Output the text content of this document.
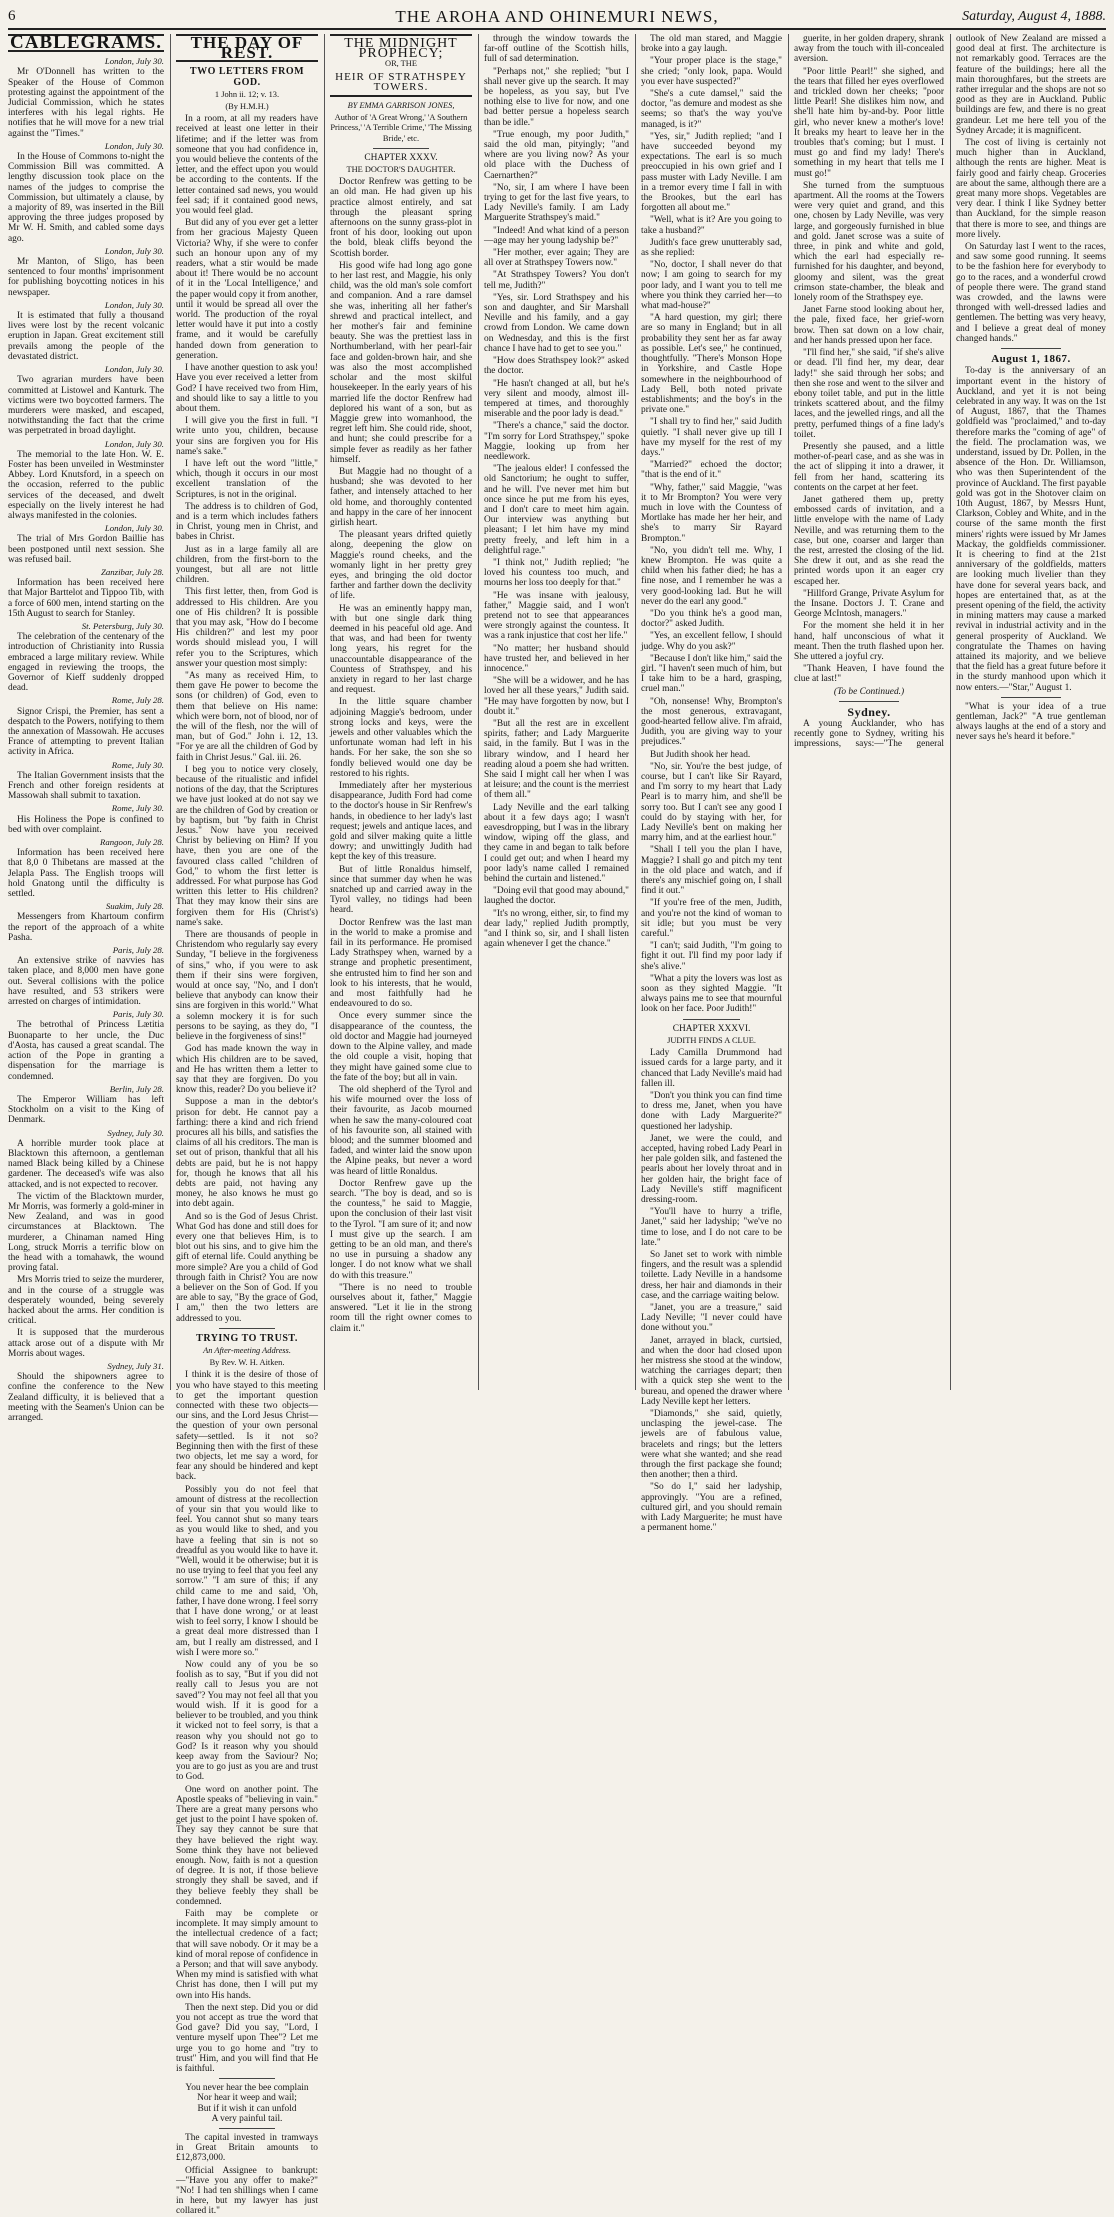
6	THE AROHA AND OHINEMURI NEWS,	Saturday, August 4, 1888.
CABLEGRAMS.

London, July 30.

Mr O'Donnell has written to the Speaker of the House of Common protesting against the appointment of the Judicial Commission, which he states interferes with his legal rights. He notifies that he will move for a new trial against the "Times."

London, July 30.

In the House of Commons to-night the Commission Bill was committed. A lengthy discussion took place on the names of the judges to comprise the Commission, but ultimately a clause, by a majority of 89, was inserted in the Bill approving the three judges proposed by Mr W. H. Smith, and cabled some days ago.

London, July 30.

Mr Manton, of Sligo, has been sentenced to four months' imprisonment for publishing boycotting notices in his newspaper.

London, July 30.

It is estimated that fully a thousand lives were lost by the recent volcanic eruption in Japan. Great excitement still prevails among the people of the devastated district.

London, July 30.

Two agrarian murders have been committed at Listowel and Kanturk. The victims were two boycotted farmers. The murderers were masked, and escaped, notwithstanding the fact that the crime was perpetrated in broad daylight.

London, July 30.

The memorial to the late Hon. W. E. Foster has been unveiled in Westminster Abbey. Lord Knutsford, in a speech on the occasion, referred to the public services of the deceased, and dwelt especially on the lively interest he had always manifested in the colonies.

London, July 30.

The trial of Mrs Gordon Baillie has been postponed until next session. She was refused bail.

Zanzibar, July 28.

Information has been received here that Major Barttelot and Tippoo Tib, with a force of 600 men, intend starting on the 15th August to search for Stanley.

St. Petersburg, July 30.

The celebration of the centenary of the introduction of Christianity into Russia embraced a large military review. While engaged in reviewing the troops, the Governor of Kieff suddenly dropped dead.

Rome, July 28.

Signor Crispi, the Premier, has sent a despatch to the Powers, notifying to them the annexation of Massowah. He accuses France of attempting to prevent Italian activity in Africa.

Rome, July 30.

The Italian Government insists that the French and other foreign residents at Massowah shall submit to taxation.

Rome, July 30.

His Holiness the Pope is confined to bed with over complaint.

Rangoon, July 28.

Information has been received here that 8,0 0 Thibetans are massed at the Jelapla Pass. The English troops will hold Gnatong until the difficulty is settled.

Suakim, July 28.

Messengers from Khartoum confirm the report of the approach of a white Pasha.

Paris, July 28.

An extensive strike of navvies has taken place, and 8,000 men have gone out. Several collisions with the police have resulted, and 53 strikers were arrested on charges of intimidation.

Paris, July 30.

The betrothal of Princess Lætitia Buonaparte to her uncle, the Duc d'Aosta, has caused a great scandal. The action of the Pope in granting a dispensation for the marriage is condemned.

Berlin, July 28.

The Emperor William has left Stockholm on a visit to the King of Denmark.

Sydney, July 30.

A horrible murder took place at Blacktown this afternoon, a gentleman named Black being killed by a Chinese gardener. The deceased's wife was also attacked, and is not expected to recover.

The victim of the Blacktown murder, Mr Morris, was formerly a gold-miner in New Zealand, and was in good circumstances at Blacktown. The murderer, a Chinaman named Hing Long, struck Morris a terrific blow on the head with a tomahawk, the wound proving fatal.

Mrs Morris tried to seize the murderer, and in the course of a struggle was desperately wounded, being severely hacked about the arms. Her condition is critical.

It is supposed that the murderous attack arose out of a dispute with Mr Morris about wages.

Sydney, July 31.

Should the shipowners agree to confine the conference to the New Zealand difficulty, it is believed that a meeting with the Seamen's Union can be arranged.

THE DAY OF REST.
TWO LETTERS FROM GOD.

1 John ii. 12; v. 13.

(By H.M.H.)

In a room, at all my readers have received at least one letter in their lifetime; and if the letter was from someone that you had confidence in, you would believe the contents of the letter, and the effect upon you would be according to the contents. If the letter contained sad news, you would feel sad; if it contained good news, you would feel glad.

But did any of you ever get a letter from her gracious Majesty Queen Victoria? Why, if she were to confer such an honour upon any of my readers, what a stir would be made about it! There would be no account of it in the 'Local Intelligence,' and the paper would copy it from another, until it would be spread all over the world. The production of the royal letter would have it put into a costly frame, and it would be carefully handed down from generation to generation.

I have another question to ask you! Have you ever received a letter from God? I have received two from Him, and should like to say a little to you about them.

I will give you the first in full. "I write unto you, children, because your sins are forgiven you for His name's sake."

I have left out the word "little," which, though it occurs in our most excellent translation of the Scriptures, is not in the original.

The address is to children of God, and is a term which includes fathers in Christ, young men in Christ, and babes in Christ.

Just as in a large family all are children, from the first-born to the youngest, but all are not little children.

This first letter, then, from God is addressed to His children. Are you one of His children? It is possible that you may ask, "How do I become His children?" and lest my poor words should mislead you, I will refer you to the Scriptures, which answer your question most simply:

"As many as received Him, to them gave He power to become the sons (or children) of God, even to them that believe on His name: which were born, not of blood, nor of the will of the flesh, nor the will of man, but of God." John i. 12, 13. "For ye are all the children of God by faith in Christ Jesus." Gal. iii. 26.

I beg you to notice very closely, because of the ritualistic and infidel notions of the day, that the Scriptures we have just looked at do not say we are the children of God by creation or by baptism, but "by faith in Christ Jesus." Now have you received Christ by believing on Him? If you have, then you are one of the favoured class called "children of God," to whom the first letter is addressed. For what purpose has God written this letter to His children? That they may know their sins are forgiven them for His (Christ's) name's sake.

There are thousands of people in Christendom who regularly say every Sunday, "I believe in the forgiveness of sins," who, if you were to ask them if their sins were forgiven, would at once say, "No, and I don't believe that anybody can know their sins are forgiven in this world." What a solemn mockery it is for such persons to be saying, as they do, "I believe in the forgiveness of sins!"

God has made known the way in which His children are to be saved, and He has written them a letter to say that they are forgiven. Do you know this, reader? Do you believe it?

Suppose a man in the debtor's prison for debt. He cannot pay a farthing: there a kind and rich friend procures all his bills, and satisfies the claims of all his creditors. The man is set out of prison, thankful that all his debts are paid, but he is not happy for, though he knows that all his debts are paid, not having any money, he also knows he must go into debt again.

And so is the God of Jesus Christ. What God has done and still does for every one that believes Him, is to blot out his sins, and to give him the gift of eternal life. Could anything be more simple? Are you a child of God through faith in Christ? You are now a believer on the Son of God. If you are able to say, "By the grace of God, I am," then the two letters are addressed to you.

TRYING TO TRUST.

An After-meeting Address.

By Rev. W. H. Aitken.

I think it is the desire of those of you who have stayed to this meeting to get the important question connected with these two objects—our sins, and the Lord Jesus Christ—the question of your own personal safety—settled. Is it not so? Beginning then with the first of these two objects, let me say a word, for fear any should be hindered and kept back.

Possibly you do not feel that amount of distress at the recollection of your sin that you would like to feel. You cannot shut so many tears as you would like to shed, and you have a feeling that sin is not so dreadful as you would like to have it. "Well, would it be otherwise; but it is no use trying to feel that you feel any sorrow." "I am sure of this; if any child came to me and said, 'Oh, father, I have done wrong. I feel sorry that I have done wrong,' or at least wish to feel sorry, I know I should be a great deal more distressed than I am, but I really am distressed, and I wish I were more so."

Now could any of you be so foolish as to say, "But if you did not really call to Jesus you are not saved"? You may not feel all that you would wish. If it is good for a believer to be troubled, and you think it wicked not to feel sorry, is that a reason why you should not go to God? Is it reason why you should keep away from the Saviour? No; you are to go just as you are and trust to God.

One word on another point. The Apostle speaks of "believing in vain." There are a great many persons who get just to the point I have spoken of. They say they cannot be sure that they have believed the right way. Some think they have not believed enough. Now, faith is not a question of degree. It is not, if those believe strongly they shall be saved, and if they believe feebly they shall be condemned.

Faith may be complete or incomplete. It may simply amount to the intellectual credence of a fact; that will save nobody. Or it may be a kind of moral repose of confidence in a Person; and that will save anybody. When my mind is satisfied with what Christ has done, then I will put my own into His hands.

Then the next step. Did you or did you not accept as true the word that God gave? Did you say, "Lord, I venture myself upon Thee"? Let me urge you to go home and "try to trust" Him, and you will find that He is faithful.

You never hear the bee complain

Nor hear it weep and wail;

But if it wish it can unfold

A very painful tail.

The capital invested in tramways in Great Britain amounts to £12,873,000.

Official Assignee to bankrupt:—"Have you any offer to make?" "No! I had ten shillings when I came in here, but my lawyer has just collared it."

THE MIDNIGHT PROPHECY;

OR, THE

HEIR OF STRATHSPEY TOWERS.

BY EMMA GARRISON JONES,

Author of 'A Great Wrong,' 'A Southern Princess,' 'A Terrible Crime,' 'The Missing Bride,' etc.

CHAPTER XXXV.

THE DOCTOR'S DAUGHTER.

Doctor Renfrew was getting to be an old man. He had given up his practice almost entirely, and sat through the pleasant spring afternoons on the sunny grass-plot in front of his door, looking out upon the bold, bleak cliffs beyond the Scottish border.

His good wife had long ago gone to her last rest, and Maggie, his only child, was the old man's sole comfort and companion. And a rare damsel she was, inheriting all her father's shrewd and practical intellect, and her mother's fair and feminine beauty. She was the prettiest lass in Northumberland, with her pearl-fair face and golden-brown hair, and she was also the most accomplished scholar and the most skilful housekeeper. In the early years of his married life the doctor Renfrew had deplored his want of a son, but as Maggie grew into womanhood, the regret left him. She could ride, shoot, and hunt; she could prescribe for a simple fever as readily as her father himself.

But Maggie had no thought of a husband; she was devoted to her father, and intensely attached to her old home, and thoroughly contented and happy in the care of her innocent girlish heart.

The pleasant years drifted quietly along, deepening the glow on Maggie's round cheeks, and the womanly light in her pretty grey eyes, and bringing the old doctor farther and farther down the declivity of life.

He was an eminently happy man, with but one single dark thing deemed in his peaceful old age. And that was, and had been for twenty long years, his regret for the unaccountable disappearance of the Countess of Strathspey, and his anxiety in regard to her last charge and request.

In the little square chamber adjoining Maggie's bedroom, under strong locks and keys, were the jewels and other valuables which the unfortunate woman had left in his hands. For her sake, the son she so fondly believed would one day be restored to his rights.

Immediately after her mysterious disappearance, Judith Ford had come to the doctor's house in Sir Renfrew's hands, in obedience to her lady's last request; jewels and antique laces, and gold and silver making quite a little dowry; and unwittingly Judith had kept the key of this treasure.

But of little Ronaldus himself, since that summer day when he was snatched up and carried away in the Tyrol valley, no tidings had been heard.

Doctor Renfrew was the last man in the world to make a promise and fail in its performance. He promised Lady Strathspey when, warned by a strange and prophetic presentiment, she entrusted him to find her son and look to his interests, that he would, and most faithfully had he endeavoured to do so.

Once every summer since the disappearance of the countess, the old doctor and Maggie had journeyed down to the Alpine valley, and made the old couple a visit, hoping that they might have gained some clue to the fate of the boy; but all in vain.

The old shepherd of the Tyrol and his wife mourned over the loss of their favourite, as Jacob mourned when he saw the many-coloured coat of his favourite son, all stained with blood; and the summer bloomed and faded, and winter laid the snow upon the Alpine peaks, but never a word was heard of little Ronaldus.

Doctor Renfrew gave up the search. "The boy is dead, and so is the countess," he said to Maggie, upon the conclusion of their last visit to the Tyrol. "I am sure of it; and now I must give up the search. I am getting to be an old man, and there's no use in pursuing a shadow any longer. I do not know what we shall do with this treasure."

"There is no need to trouble ourselves about it, father," Maggie answered. "Let it lie in the strong room till the right owner comes to claim it."

through the window towards the far-off outline of the Scottish hills, full of sad determination.

"Perhaps not," she replied; "but I shall never give up the search. It may be hopeless, as you say, but I've nothing else to live for now, and one bad better persue a hopeless search than be idle."

"True enough, my poor Judith," said the old man, pityingly; "and where are you living now? As your old place with the Duchess of Caernarthen?"

"No, sir, I am where I have been trying to get for the last five years, to Lady Neville's family. I am Lady Marguerite Strathspey's maid."

"Indeed! And what kind of a person—age may her young ladyship be?"

"Her mother, ever again; They are all over at Strathspey Towers now."

"At Strathspey Towers? You don't tell me, Judith?"

"Yes, sir. Lord Strathspey and his son and daughter, and Sir Marshall Neville and his family, and a gay crowd from London. We came down on Wednesday, and this is the first chance I have had to get to see you."

"How does Strathspey look?" asked the doctor.

"He hasn't changed at all, but he's very silent and moody, almost ill-tempered at times, and thoroughly miserable and the poor lady is dead."

"There's a chance," said the doctor. "I'm sorry for Lord Strathspey," spoke Maggie, looking up from her needlework.

"The jealous elder! I confessed the old Sanctorium; he ought to suffer, and he will. I've never met him but once since he put me from his eyes, and I don't care to meet him again. Our interview was anything but pleasant; I let him have my mind pretty freely, and left him in a delightful rage."

"I think not," Judith replied; "he loved his countess too much, and mourns her loss too deeply for that."

"He was insane with jealousy, father," Maggie said, and I won't pretend not to see that appearances were strongly against the countess. It was a rank injustice that cost her life."

"No matter; her husband should have trusted her, and believed in her innocence."

"She will be a widower, and he has loved her all these years," Judith said. "He may have forgotten by now, but I doubt it."

"But all the rest are in excellent spirits, father; and Lady Marguerite said, in the family. But I was in the library window, and I heard her reading aloud a poem she had written. She said I might call her when I was at leisure; and the count is the merriest of them all."

Lady Neville and the earl talking about it a few days ago; I wasn't eavesdropping, but I was in the library window, wiping off the glass, and they came in and began to talk before I could get out; and when I heard my poor lady's name called I remained behind the curtain and listened."

"Doing evil that good may abound," laughed the doctor.

"It's no wrong, either, sir, to find my dear lady," replied Judith promptly, "and I think so, sir, and I shall listen again whenever I get the chance."

The old man stared, and Maggie broke into a gay laugh.

"Your proper place is the stage," she cried; "only look, papa. Would you ever have suspected?"

"She's a cute damsel," said the doctor, "as demure and modest as she seems; so that's the way you've managed, is it?"

"Yes, sir," Judith replied; "and I have succeeded beyond my expectations. The earl is so much preoccupied in his own grief and I pass muster with Lady Neville. I am in a tremor every time I fall in with the Brookes, but the earl has forgotten all about me."

"Well, what is it? Are you going to take a husband?"

Judith's face grew unutterably sad, as she replied:

"No, doctor, I shall never do that now; I am going to search for my poor lady, and I want you to tell me where you think they carried her—to what mad-house?"

"A hard question, my girl; there are so many in England; but in all probability they sent her as far away as possible. Let's see," he continued, thoughtfully. "There's Monson Hope in Yorkshire, and Castle Hope somewhere in the neighbourhood of Lady Bell, both noted private establishments; and the boy's in the private one."

"I shall try to find her," said Judith quietly. "I shall never give up till I have my myself for the rest of my days."

"Married?" echoed the doctor; "that is the end of it."

"Why, father," said Maggie, "was it to Mr Brompton? You were very much in love with the Countess of Mortlake has made her her heir, and she's to marry Sir Rayard Brompton."

"No, you didn't tell me. Why, I knew Brompton. He was quite a child when his father died; he has a fine nose, and I remember he was a very good-looking lad. But he will never do the earl any good."

"Do you think he's a good man, doctor?" asked Judith.

"Yes, an excellent fellow, I should judge. Why do you ask?"

"Because I don't like him," said the girl. "I haven't seen much of him, but I take him to be a hard, grasping, cruel man."

"Oh, nonsense! Why, Brompton's the most generous, extravagant, good-hearted fellow alive. I'm afraid, Judith, you are giving way to your prejudices."

But Judith shook her head.

"No, sir. You're the best judge, of course, but I can't like Sir Rayard, and I'm sorry to my heart that Lady Pearl is to marry him, and she'll be sorry too. But I can't see any good I could do by staying with her, for Lady Neville's bent on making her marry him, and at the earliest hour."

"Shall I tell you the plan I have, Maggie? I shall go and pitch my tent in the old place and watch, and if there's any mischief going on, I shall find it out."

"If you're free of the men, Judith, and you're not the kind of woman to sit idle; but you must be very careful."

"I can't; said Judith, "I'm going to fight it out. I'll find my poor lady if she's alive."

"What a pity the lovers was lost as soon as they sighted Maggie. "It always pains me to see that mournful look on her face. Poor Judith!"

CHAPTER XXXVI.

JUDITH FINDS A CLUE.

Lady Camilla Drummond had issued cards for a large party, and it chanced that Lady Neville's maid had fallen ill.

"Don't you think you can find time to dress me, Janet, when you have done with Lady Marguerite?" questioned her ladyship.

Janet, we were the could, and accepted, having robed Lady Pearl in her pale golden silk, and fastened the pearls about her lovely throat and in her golden hair, the bright face of Lady Neville's stiff magnificent dressing-room.

"You'll have to hurry a trifle, Janet," said her ladyship; "we've no time to lose, and I do not care to be late."

So Janet set to work with nimble fingers, and the result was a splendid toilette. Lady Neville in a handsome dress, her hair and diamonds in their case, and the carriage waiting below.

"Janet, you are a treasure," said Lady Neville; "I never could have done without you."

Janet, arrayed in black, curtsied, and when the door had closed upon her mistress she stood at the window, watching the carriages depart; then with a quick step she went to the bureau, and opened the drawer where Lady Neville kept her letters.

"Diamonds," she said, quietly, unclasping the jewel-case. The jewels are of fabulous value, bracelets and rings; but the letters were what she wanted; and she read through the first package she found; then another; then a third.

"So do I," said her ladyship, approvingly. "You are a refined, cultured girl, and you should remain with Lady Marguerite; he must have a permanent home."

guerite, in her golden drapery, shrank away from the touch with ill-concealed aversion.

"Poor little Pearl!" she sighed, and the tears that filled her eyes overflowed and trickled down her cheeks; "poor little Pearl! She dislikes him now, and she'll hate him by-and-by. Poor little girl, who never knew a mother's love! It breaks my heart to leave her in the troubles that's coming; but I must. I must go and find my lady! There's something in my heart that tells me I must go!"

She turned from the sumptuous apartment. All the rooms at the Towers were very quiet and grand, and this one, chosen by Lady Neville, was very large, and gorgeously furnished in blue and gold. Janet scrose was a suite of three, in pink and white and gold, which the earl had especially re-furnished for his daughter, and beyond, gloomy and silent, was the great crimson state-chamber, the bleak and lonely room of the Strathspey eye.

Janet Farne stood looking about her, the pale, fixed face, her grief-worn brow. Then sat down on a low chair, and her hands pressed upon her face.

"I'll find her," she said, "if she's alive or dead. I'll find her, my dear, dear lady!" she said through her sobs; and then she rose and went to the silver and ebony toilet table, and put in the little trinkets scattered about, and the filmy laces, and the jewelled rings, and all the pretty, perfumed things of a fine lady's toilet.

Presently she paused, and a little mother-of-pearl case, and as she was in the act of slipping it into a drawer, it fell from her hand, scattering its contents on the carpet at her feet.

Janet gathered them up, pretty embossed cards of invitation, and a little envelope with the name of Lady Neville, and was returning them to the case, but one, coarser and larger than the rest, arrested the closing of the lid. She drew it out, and as she read the printed words upon it an eager cry escaped her.

"Hillford Grange, Private Asylum for the Insane. Doctors J. T. Crane and George McIntosh, managers."

For the moment she held it in her hand, half unconscious of what it meant. Then the truth flashed upon her. She uttered a joyful cry.

"Thank Heaven, I have found the clue at last!"

(To be Continued.)

Sydney.

A young Aucklander, who has recently gone to Sydney, writing his impressions, says:—"The general outlook of New Zealand are missed a good deal at first. The architecture is not remarkably good. Terraces are the feature of the buildings; here all the main thoroughfares, but the streets are rather irregular and the shops are not so good as they are in Auckland. Public buildings are few, and there is no great grandeur. Let me here tell you of the Sydney Arcade; it is magnificent.

The cost of living is certainly not much higher than in Auckland, although the rents are higher. Meat is fairly good and fairly cheap. Groceries are about the same, although there are a great many more shops. Vegetables are very dear. I think I like Sydney better than Auckland, for the simple reason that there is more to see, and things are more lively.

On Saturday last I went to the races, and saw some good running. It seems to be the fashion here for everybody to go to the races, and a wonderful crowd of people there were. The grand stand was crowded, and the lawns were thronged with well-dressed ladies and gentlemen. The betting was very heavy, and I believe a great deal of money changed hands."

August 1, 1867.

To-day is the anniversary of an important event in the history of Auckland, and yet it is not being celebrated in any way. It was on the 1st of August, 1867, that the Thames goldfield was "proclaimed," and to-day therefore marks the "coming of age" of the field. The proclamation was, we understand, issued by Dr. Pollen, in the absence of the Hon. Dr. Williamson, who was then Superintendent of the province of Auckland. The first payable gold was got in the Shotover claim on 10th August, 1867, by Messrs Hunt, Clarkson, Cobley and White, and in the course of the same month the first miners' rights were issued by Mr James Mackay, the goldfields commissioner. It is cheering to find at the 21st anniversary of the goldfields, matters are looking much livelier than they have done for several years back, and hopes are entertained that, as at the present opening of the field, the activity in mining matters may cause a marked revival in industrial activity and in the general prosperity of Auckland. We congratulate the Thames on having attained its majority, and we believe that the field has a great future before it in the sturdy manhood upon which it now enters.—"Star," August 1.

"What is your idea of a true gentleman, Jack?" "A true gentleman always laughs at the end of a story and never says he's heard it before."
